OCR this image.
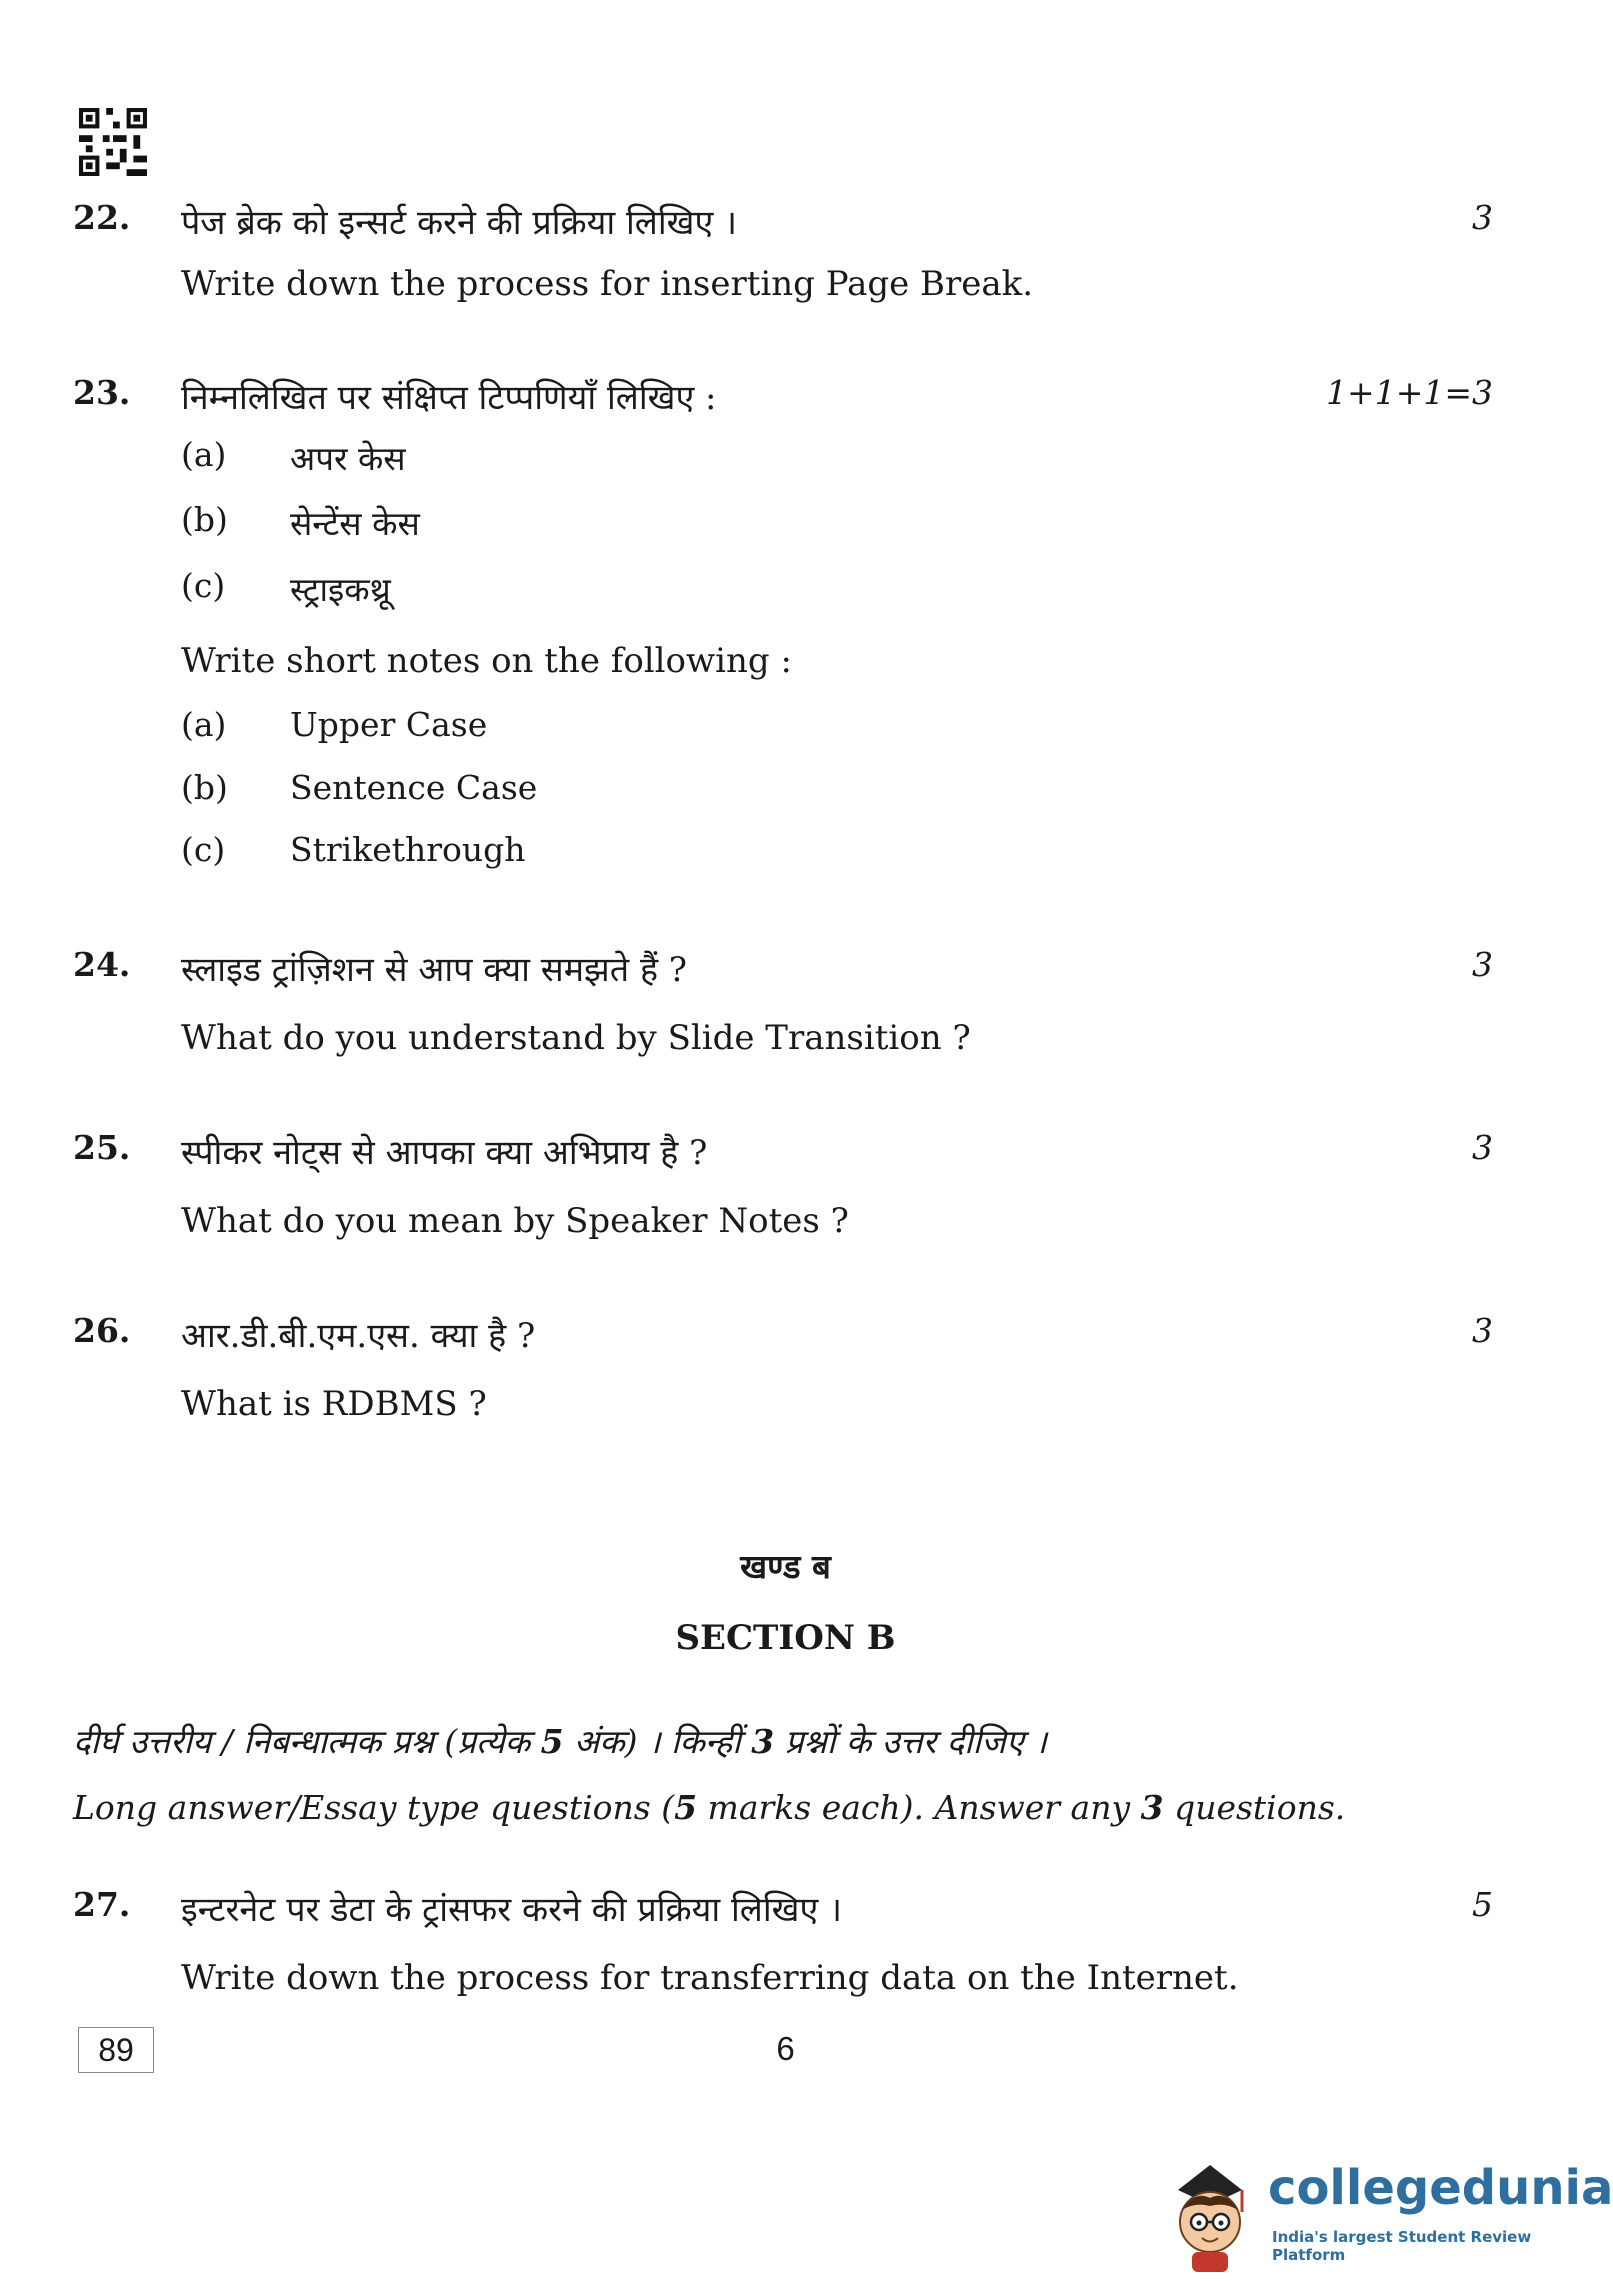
22. पेज ब्रेक को इन्सर्ट करने की प्रक्रिया लिखिए ।	3
Write down the process for inserting Page Break.
23. निम्नलिखित पर संक्षिप्त टिप्पणियाँ लिखिए :	1+1+1=3
(a) अपर केस
(b) सेन्टेंस केस
(c) स्ट्राइकथ्रू
Write short notes on the following :
(a) Upper Case
(b) Sentence Case
(c) Strikethrough
24. स्लाइड ट्रांज़िशन से आप क्या समझते हैं ?	3
What do you understand by Slide Transition ?
25. स्पीकर नोट्स से आपका क्या अभिप्राय है ?	3
What do you mean by Speaker Notes ?
26. आर.डी.बी.एम.एस. क्या है ?	3
What is RDBMS ?
खण्ड ब
SECTION B
दीर्घ उत्तरीय / निबन्धात्मक प्रश्न (प्रत्येक 5 अंक) । किन्हीं 3 प्रश्नों के उत्तर दीजिए ।
Long answer/Essay type questions (5 marks each). Answer any 3 questions.
27. इन्टरनेट पर डेटा के ट्रांसफर करने की प्रक्रिया लिखिए ।	5
Write down the process for transferring data on the Internet.
89	6
collegedunia
India's largest Student Review Platform
